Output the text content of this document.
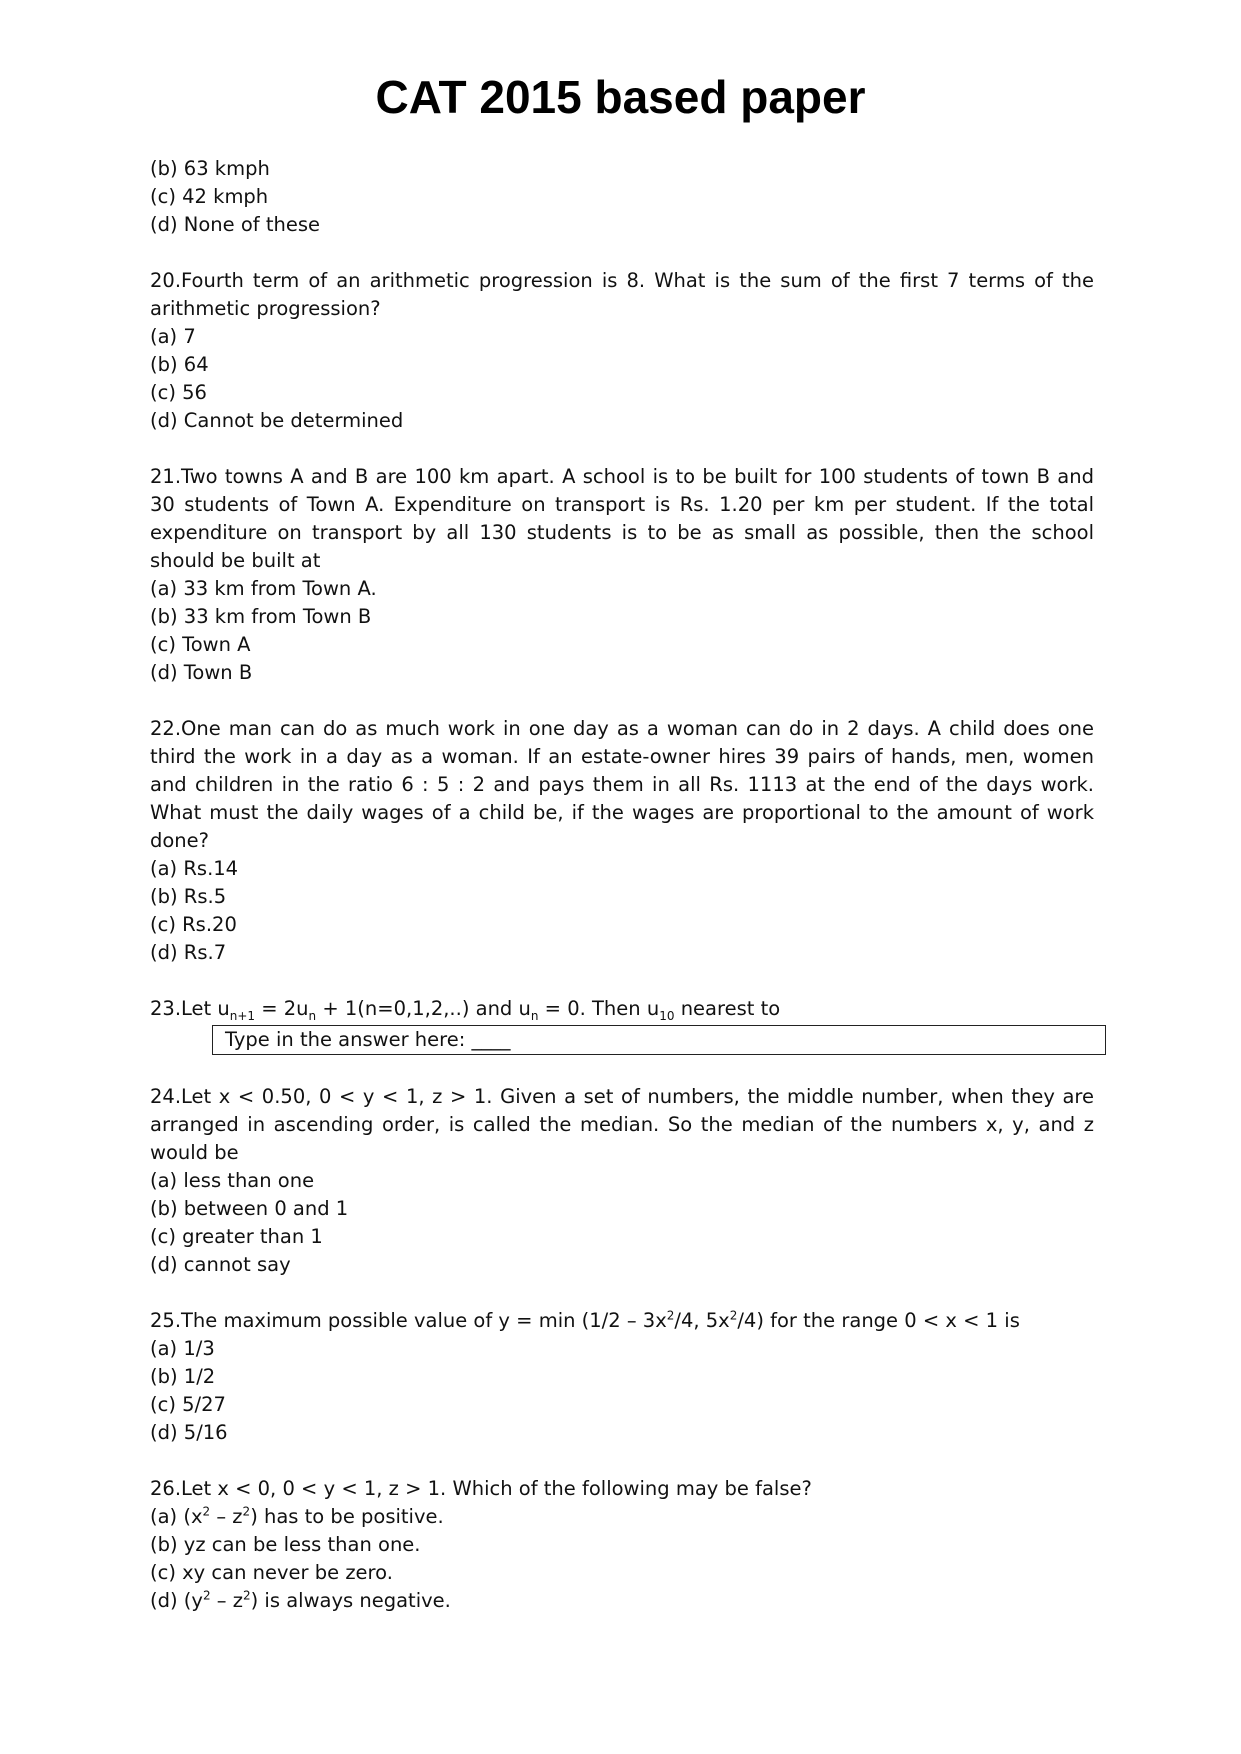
CAT 2015 based paper

(b) 63 kmph

(c) 42 kmph

(d) None of these

20.Fourth term of an arithmetic progression is 8. What is the sum of the first 7 terms of the arithmetic progression?

(a) 7

(b) 64

(c) 56

(d) Cannot be determined

21.Two towns A and B are 100 km apart. A school is to be built for 100 students of town B and 30 students of Town A. Expenditure on transport is Rs. 1.20 per km per student. If the total expenditure on transport by all 130 students is to be as small as possible, then the school should be built at

(a) 33 km from Town A.

(b) 33 km from Town B

(c) Town A

(d) Town B

22.One man can do as much work in one day as a woman can do in 2 days. A child does one third the work in a day as a woman. If an estate-owner hires 39 pairs of hands, men, women and children in the ratio 6 : 5 : 2 and pays them in all Rs. 1113 at the end of the days work. What must the daily wages of a child be, if the wages are proportional to the amount of work done?

(a) Rs.14

(b) Rs.5

(c) Rs.20

(d) Rs.7

23.Let $u_{n+1} = 2u_n + 1(n=0,1,2,..)$ and $u_n = 0$. Then $u_{10}$ nearest to

Type in the answer here: ____

24.Let x < 0.50, 0 < y < 1, z > 1. Given a set of numbers, the middle number, when they are arranged in ascending order, is called the median. So the median of the numbers x, y, and z would be

(a) less than one

(b) between 0 and 1

(c) greater than 1

(d) cannot say

25.The maximum possible value of $y = \min (1/2 - 3x^2/4$, $5x^2/4$) for the range 0 < x < 1 is

(a) 1/3

(b) 1/2

(c) 5/27

(d) 5/16

26.Let x < 0, 0 < y < 1, z > 1. Which of the following may be false?

(a) $(x^2 - z^2)$ has to be positive.

(b) yz can be less than one.

(c) xy can never be zero.

(d) $(y^2 - z^2)$ is always negative.
